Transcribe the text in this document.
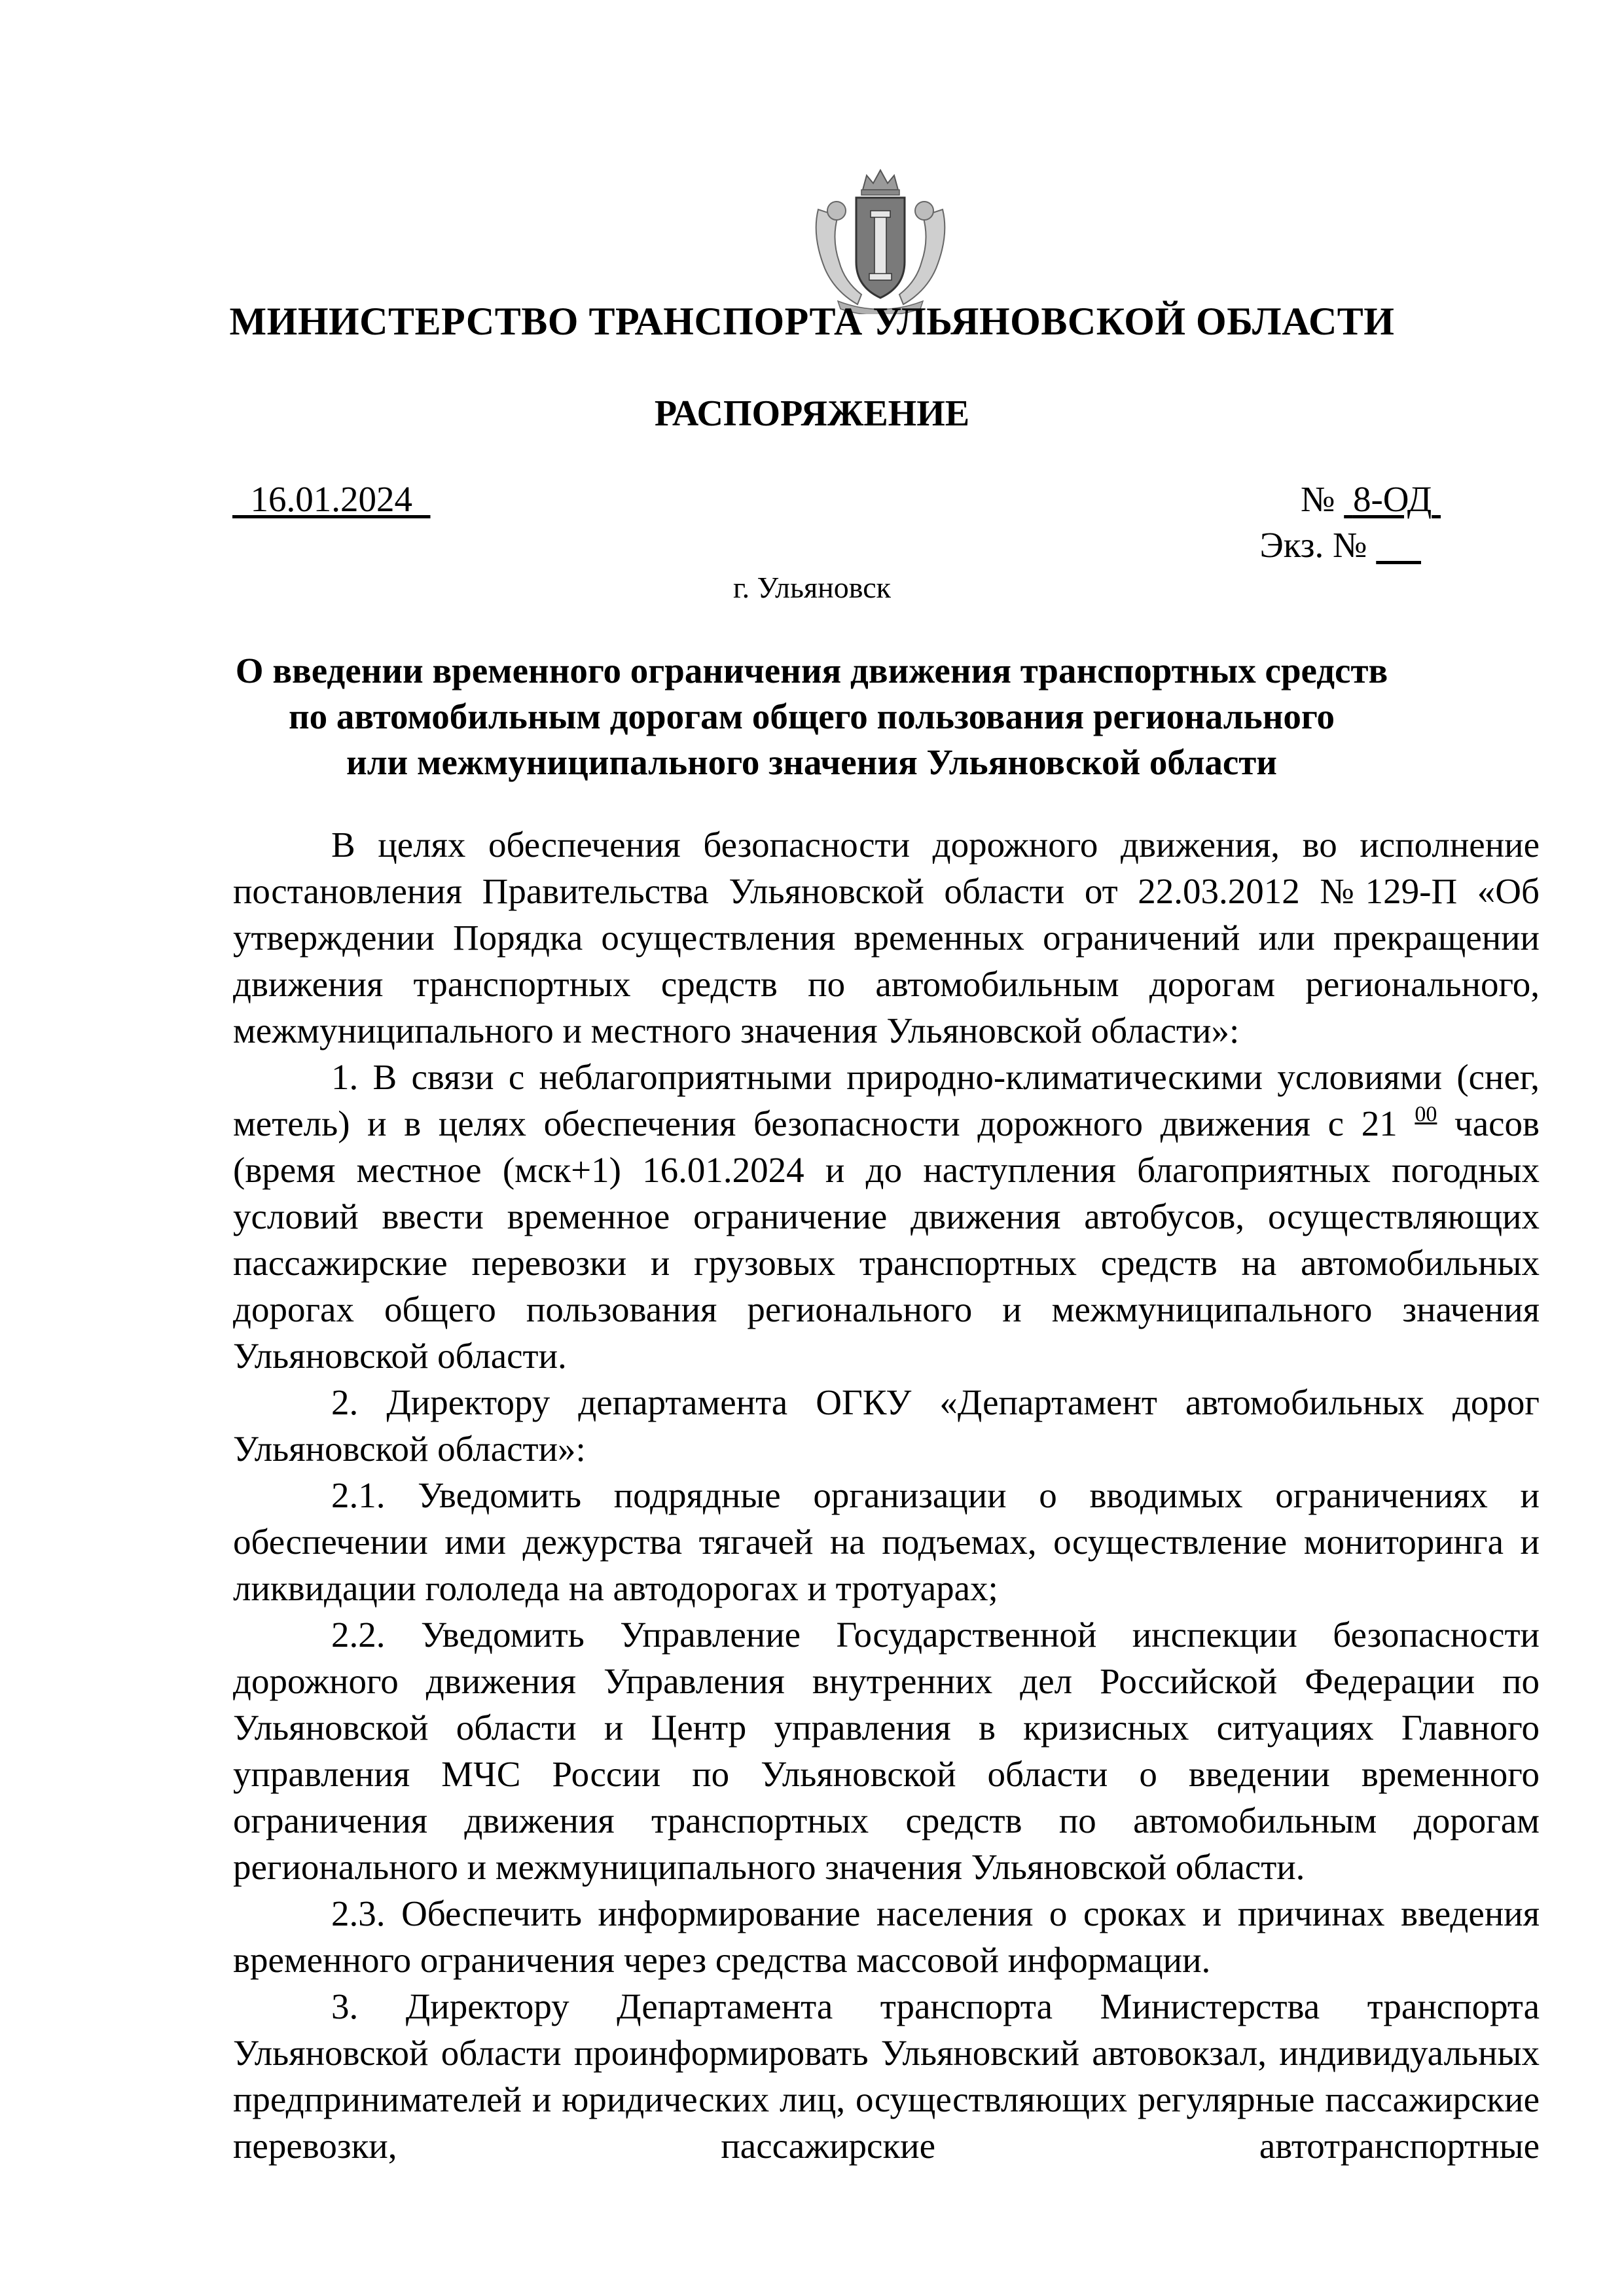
МИНИСТЕРСТВО ТРАНСПОРТА УЛЬЯНОВСКОЙ ОБЛАСТИ
РАСПОРЯЖЕНИЕ
16.01.2024	№ 8-ОД
Экз. №
г. Ульяновск
О введении временного ограничения движения транспортных средств
по автомобильным дорогам общего пользования регионального
или межмуниципального значения Ульяновской области

В целях обеспечения безопасности дорожного движения, во исполнение постановления Правительства Ульяновской области от 22.03.2012 №129-П «Об утверждении Порядка осуществления временных ограничений или прекращении движения транспортных средств по автомобильным дорогам регионального, межмуниципального и местного значения Ульяновской области»:

1. В связи с неблагоприятными природно-климатическими условиями (снег, метель) и в целях обеспечения безопасности дорожного движения с 21 $^{00}$ часов (время местное (мск+1) 16.01.2024 и до наступления благоприятных погодных условий ввести временное ограничение движения автобусов, осуществляющих пассажирские перевозки и грузовых транспортных средств на автомобильных дорогах общего пользования регионального и межмуниципального значения Ульяновской области.

2. Директору департамента ОГКУ «Департамент автомобильных дорог Ульяновской области»:

2.1. Уведомить подрядные организации о вводимых ограничениях и обеспечении ими дежурства тягачей на подъемах, осуществление мониторинга и ликвидации гололеда на автодорогах и тротуарах;

2.2. Уведомить Управление Государственной инспекции безопасности дорожного движения Управления внутренних дел Российской Федерации по Ульяновской области и Центр управления в кризисных ситуациях Главного управления МЧС России по Ульяновской области о введении временного ограничения движения транспортных средств по автомобильным дорогам регионального и межмуниципального значения Ульяновской области.

2.3. Обеспечить информирование населения о сроках и причинах введения временного ограничения через средства массовой информации.

3. Директору Департамента транспорта Министерства транспорта Ульяновской области проинформировать Ульяновский автовокзал, индивидуальных предпринимателей и юридических лиц, осуществляющих регулярные пассажирские перевозки, пассажирские автотранспортные
